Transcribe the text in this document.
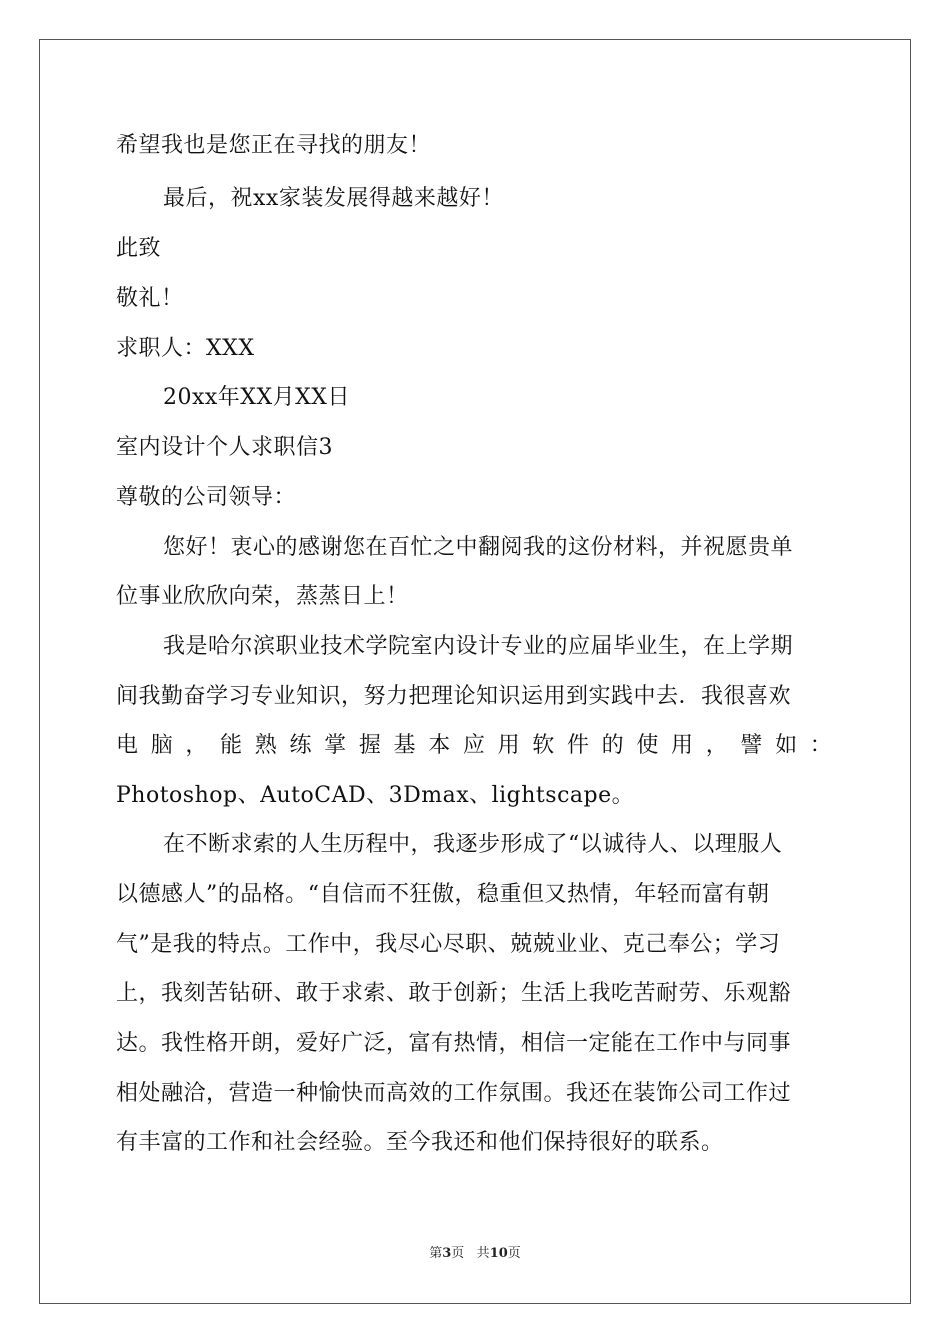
希望我也是您正在寻找的朋友！
最后，祝xx家装发展得越来越好！
此致
敬礼！
求职人：XXX
20xx年XX月XX日
室内设计个人求职信3
尊敬的公司领导：
您好！衷心的感谢您在百忙之中翻阅我的这份材料，并祝愿贵单
位事业欣欣向荣，蒸蒸日上！
我是哈尔滨职业技术学院室内设计专业的应届毕业生，在上学期
间我勤奋学习专业知识，努力把理论知识运用到实践中去．我很喜欢
电 脑 ， 能 熟 练 掌 握 基 本 应 用 软 件 的 使 用 ， 譬 如 ：
Photoshop、AutoCAD、3Dmax、lightscape。
在不断求索的人生历程中，我逐步形成了“以诚待人、以理服人
以德感人”的品格。“自信而不狂傲，稳重但又热情，年轻而富有朝
气”是我的特点。工作中，我尽心尽职、兢兢业业、克己奉公；学习
上，我刻苦钻研、敢于求索、敢于创新；生活上我吃苦耐劳、乐观豁
达。我性格开朗，爱好广泛，富有热情，相信一定能在工作中与同事
相处融洽，营造一种愉快而高效的工作氛围。我还在装饰公司工作过
有丰富的工作和社会经验。至今我还和他们保持很好的联系。
第3页 共10页
